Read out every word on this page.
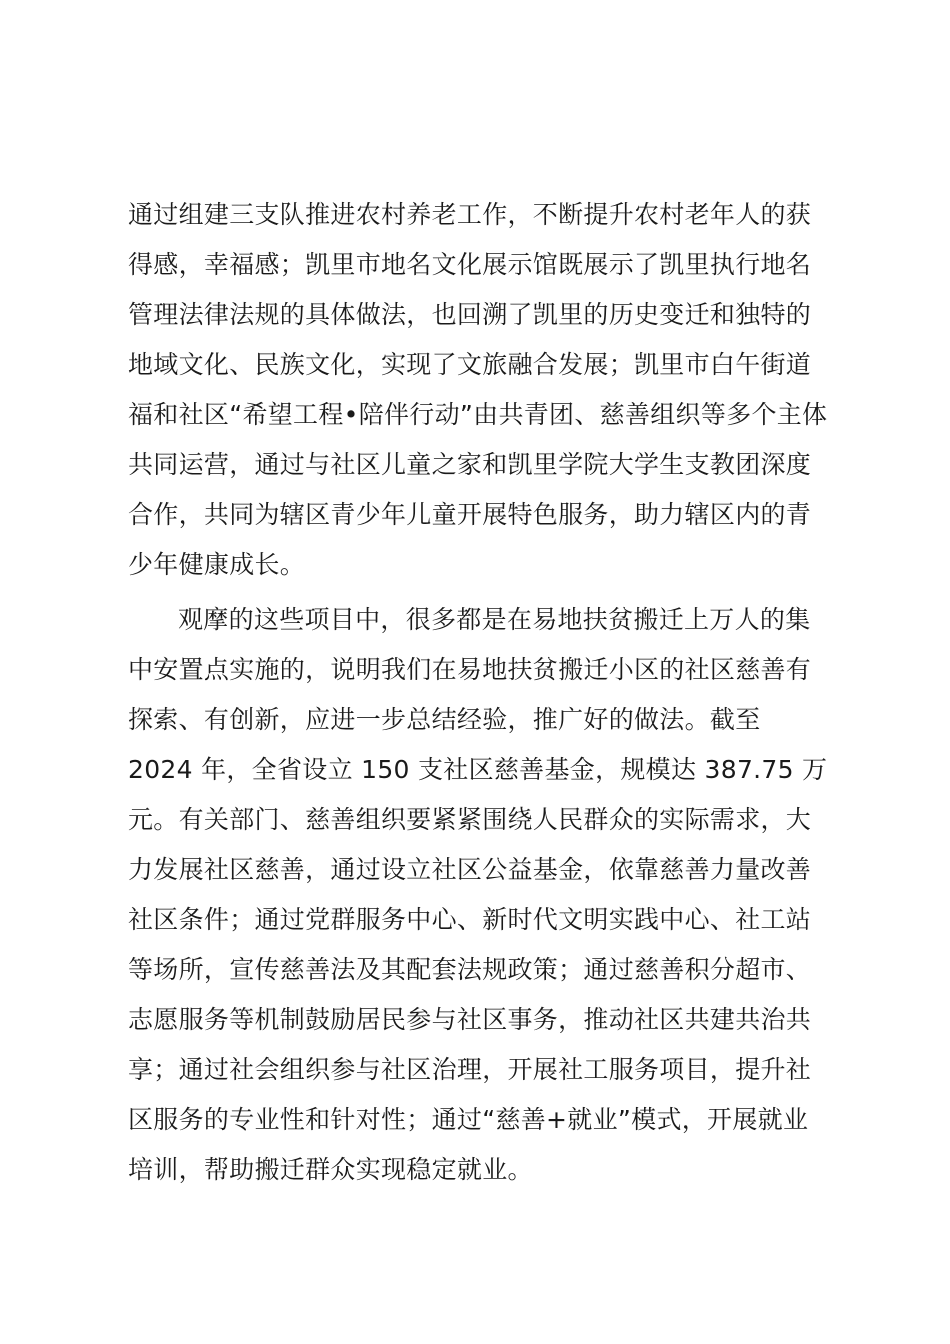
通过组建三支队推进农村养老工作，不断提升农村老年人的获
得感，幸福感；凯里市地名文化展示馆既展示了凯里执行地名
管理法律法规的具体做法，也回溯了凯里的历史变迁和独特的
地域文化、民族文化，实现了文旅融合发展；凯里市白午街道
福和社区“希望工程•陪伴行动”由共青团、慈善组织等多个主体
共同运营，通过与社区儿童之家和凯里学院大学生支教团深度
合作，共同为辖区青少年儿童开展特色服务，助力辖区内的青
少年健康成长。
观摩的这些项目中，很多都是在易地扶贫搬迁上万人的集
中安置点实施的，说明我们在易地扶贫搬迁小区的社区慈善有
探索、有创新，应进一步总结经验，推广好的做法。截至
2024 年，全省设立 150 支社区慈善基金，规模达 387.75 万
元。有关部门、慈善组织要紧紧围绕人民群众的实际需求，大
力发展社区慈善，通过设立社区公益基金，依靠慈善力量改善
社区条件；通过党群服务中心、新时代文明实践中心、社工站
等场所，宣传慈善法及其配套法规政策；通过慈善积分超市、
志愿服务等机制鼓励居民参与社区事务，推动社区共建共治共
享；通过社会组织参与社区治理，开展社工服务项目，提升社
区服务的专业性和针对性；通过“慈善+就业”模式，开展就业
培训，帮助搬迁群众实现稳定就业。
